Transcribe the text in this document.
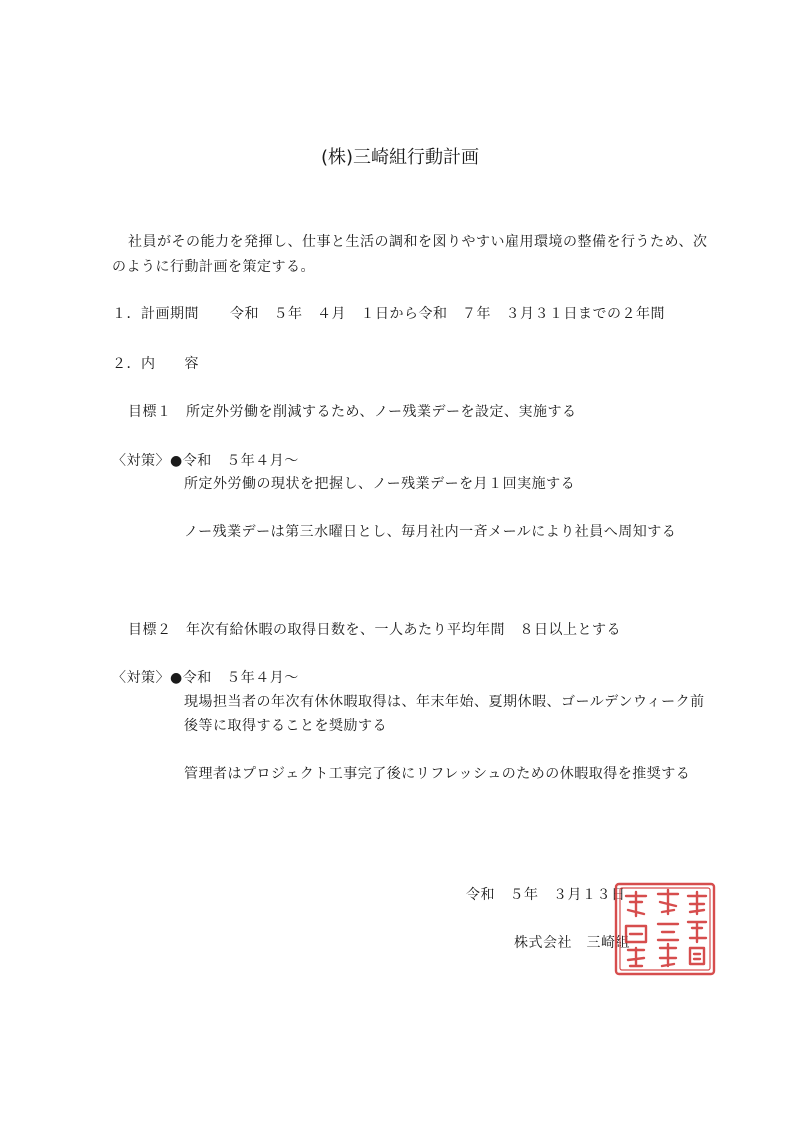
(株)三崎組行動計画
社員がその能力を発揮し、仕事と生活の調和を図りやすい雇用環境の整備を行うため、次
のように行動計画を策定する。
１．計画期間 令和　５年　４月　１日から令和　７年　３月３１日までの２年間
２．内　　容
目標１　所定外労働を削減するため、ノー残業デーを設定、実施する
〈対策〉●令和　５年４月～
所定外労働の現状を把握し、ノー残業デーを月１回実施する
ノー残業デーは第三水曜日とし、毎月社内一斉メールにより社員へ周知する
目標２　年次有給休暇の取得日数を、一人あたり平均年間　８日以上とする
〈対策〉●令和　５年４月～
現場担当者の年次有休休暇取得は、年末年始、夏期休暇、ゴールデンウィーク前
後等に取得することを奨励する
管理者はプロジェクト工事完了後にリフレッシュのための休暇取得を推奨する
令和　５年　３月１３日
株式会社　三崎組
